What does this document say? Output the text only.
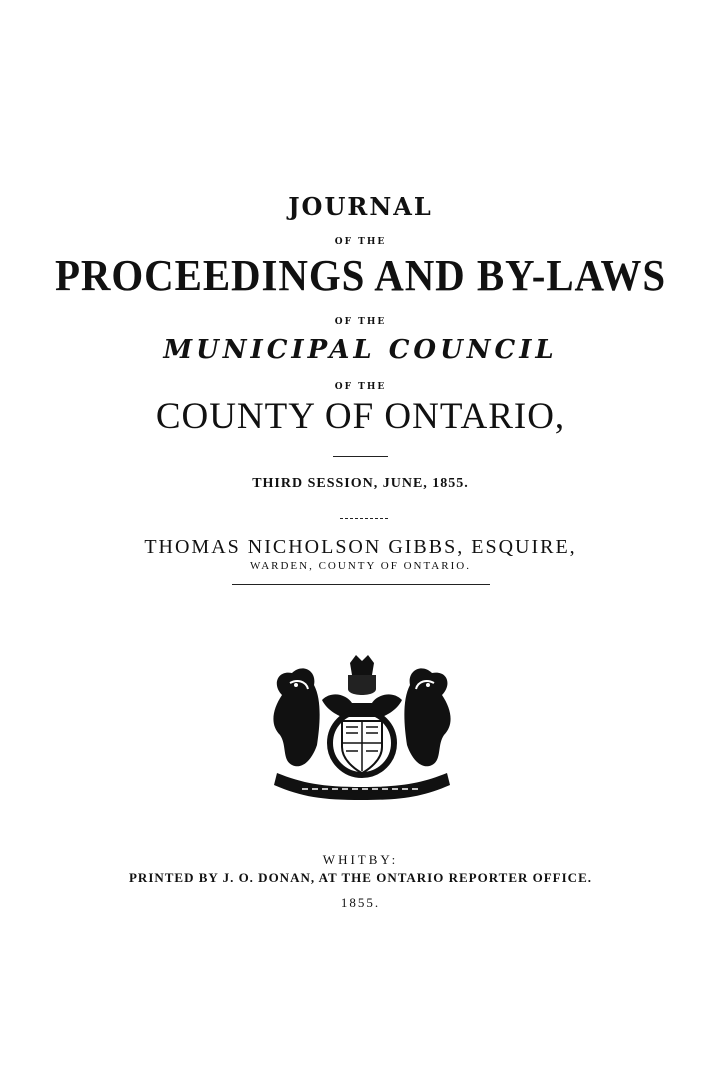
JOURNAL
OF THE
PROCEEDINGS AND BY-LAWS
OF THE
MUNICIPAL COUNCIL
OF THE
COUNTY OF ONTARIO,
THIRD SESSION, JUNE, 1855.
THOMAS NICHOLSON GIBBS, ESQUIRE,
WARDEN, COUNTY OF ONTARIO.
WHITBY:
PRINTED BY J. O. DONAN, AT THE ONTARIO REPORTER OFFICE.
1855.
